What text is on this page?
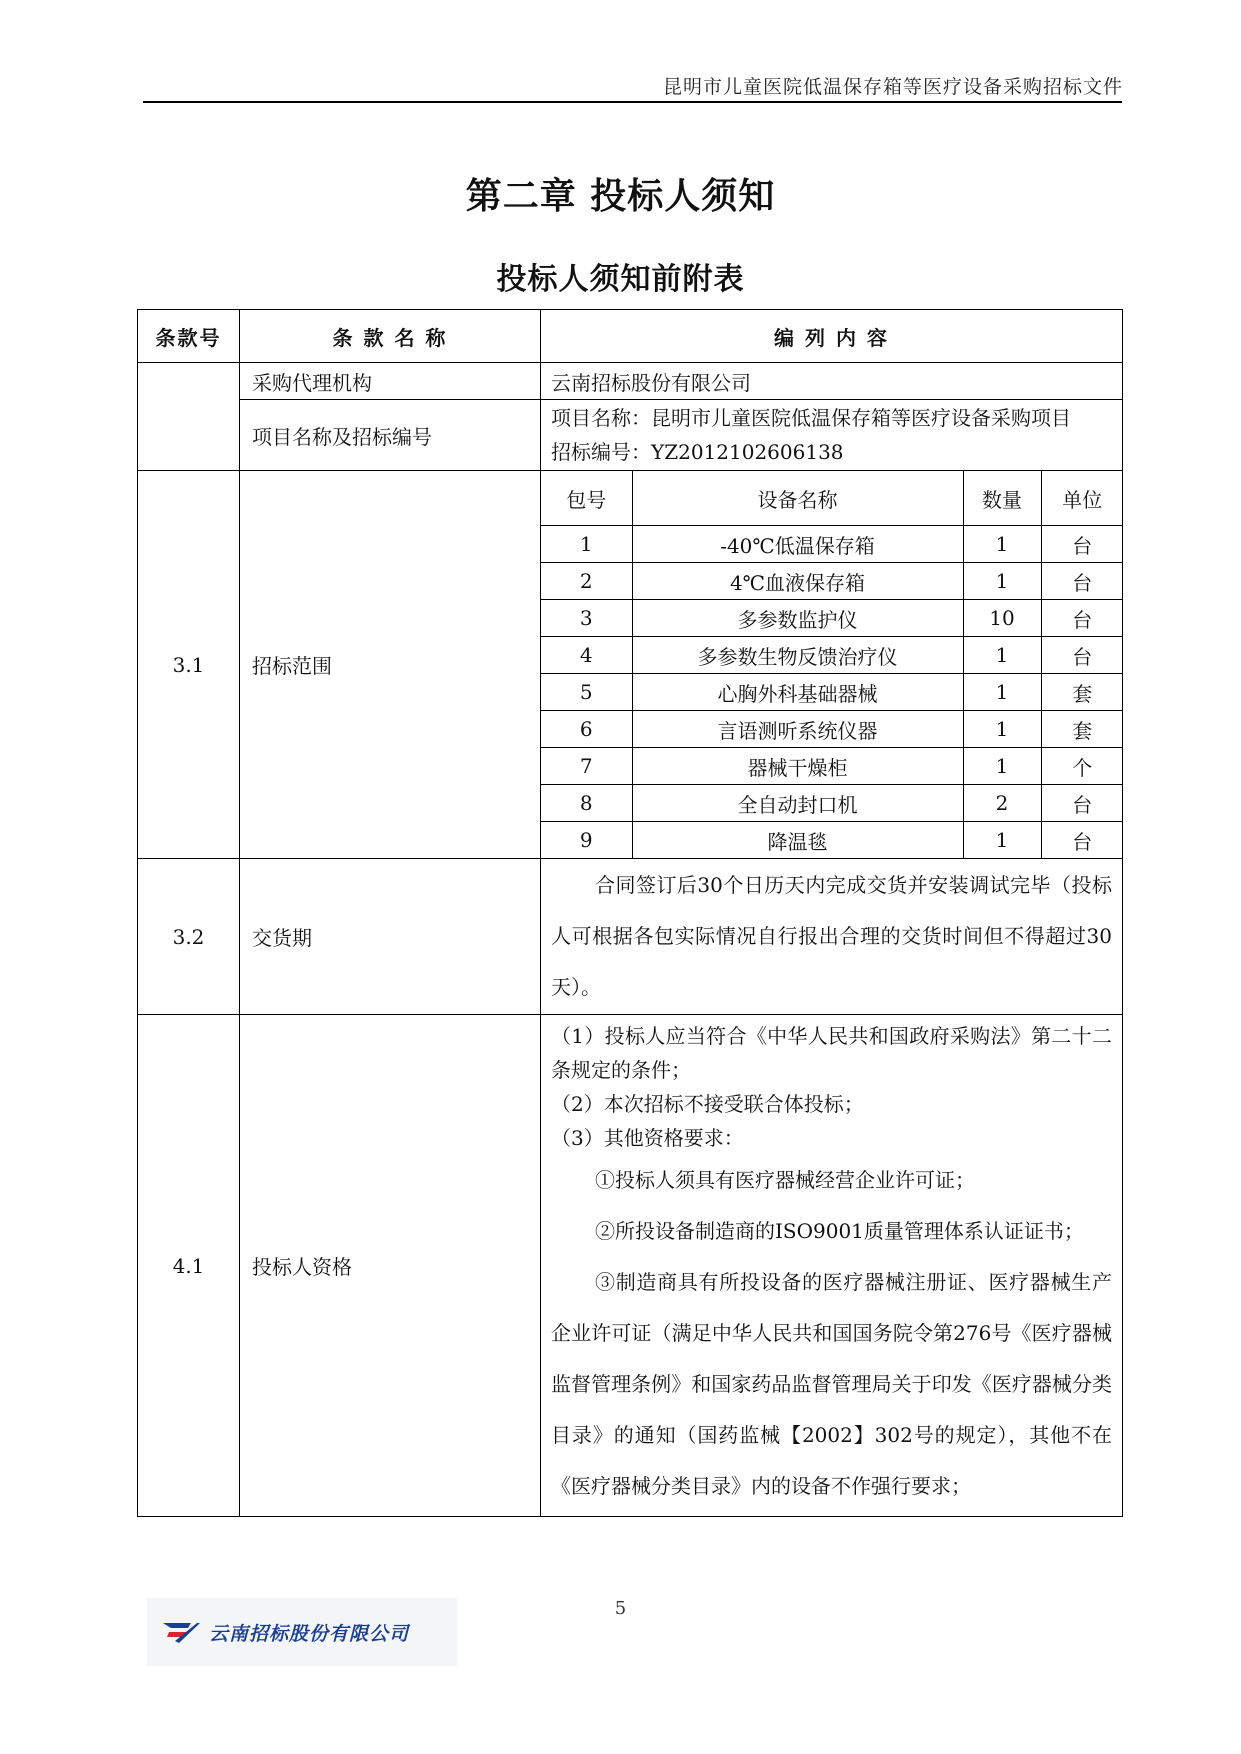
昆明市儿童医院低温保存箱等医疗设备采购招标文件
第二章 投标人须知
投标人须知前附表
条款号	条 款 名 称	编 列 内 容
	采购代理机构	云南招标股份有限公司
项目名称及招标编号	
项目名称：昆明市儿童医院低温保存箱等医疗设备采购项目
招标编号：YZ2012102606138

3.1	招标范围	
包号	设备名称	数量	单位
1	-40℃低温保存箱	1	台
2	4℃血液保存箱	1	台
3	多参数监护仪	10	台
4	多参数生物反馈治疗仪	1	台
5	心胸外科基础器械	1	套
6	言语测听系统仪器	1	套
7	器械干燥柜	1	个
8	全自动封口机	2	台
9	降温毯	1	台

3.2	交货期	合同签订后30个日历天内完成交货并安装调试完毕（投标人可根据各包实际情况自行报出合理的交货时间但不得超过30天）。
4.1	投标人资格	
（1）投标人应当符合《中华人民共和国政府采购法》第二十二条规定的条件；
（2）本次招标不接受联合体投标；
（3）其他资格要求：
①投标人须具有医疗器械经营企业许可证；
②所投设备制造商的ISO9001质量管理体系认证证书；
③制造商具有所投设备的医疗器械注册证、医疗器械生产企业许可证（满足中华人民共和国国务院令第276号《医疗器械监督管理条例》和国家药品监督管理局关于印发《医疗器械分类目录》的通知（国药监械【2002】302号的规定），其他不在《医疗器械分类目录》内的设备不作强行要求；
5
云南招标股份有限公司
